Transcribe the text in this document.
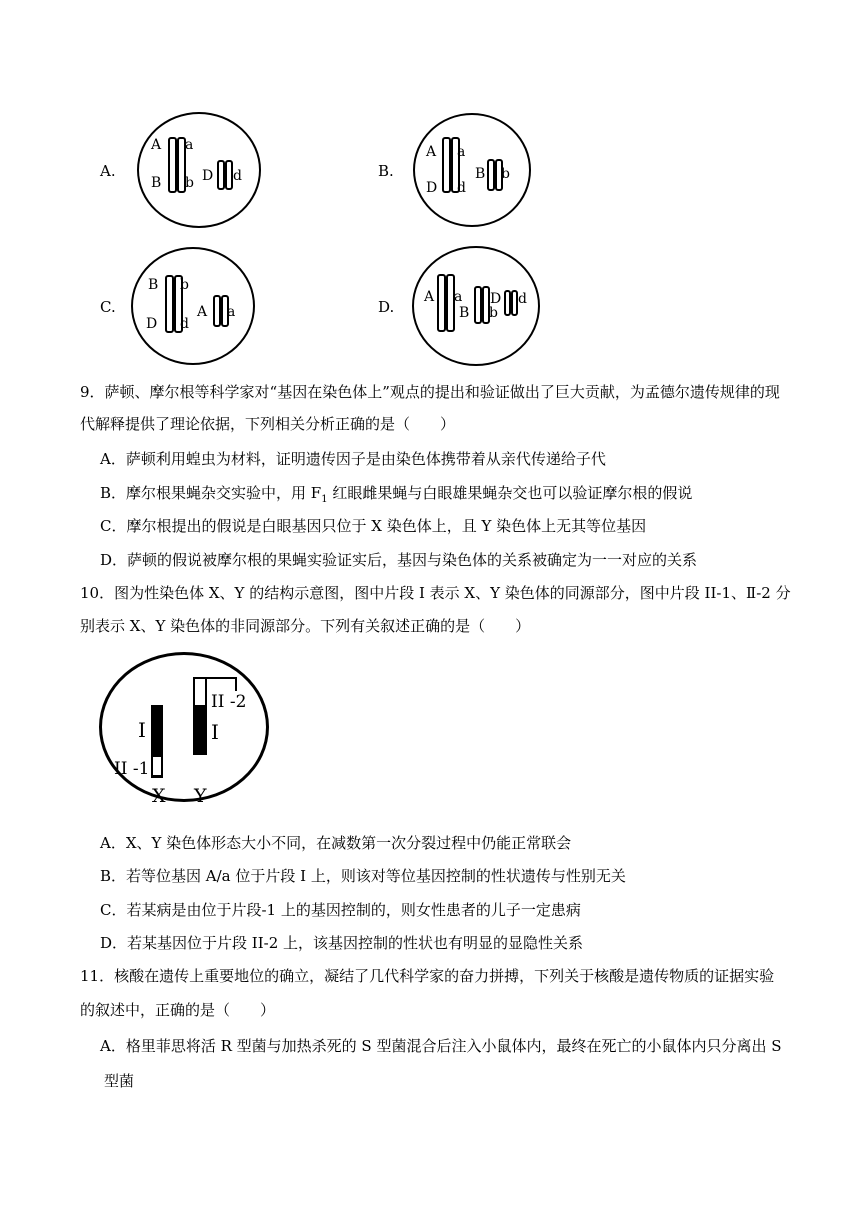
A.
A a
B b D d	B.
A a
D d
B b
C.
B b
D d
A a	D.
A a
B b
D d
9．萨顿、摩尔根等科学家对“基因在染色体上”观点的提出和验证做出了巨大贡献，为孟德尔遗传规律的现
代解释提供了理论依据，下列相关分析正确的是（　　）
A．萨顿利用蝗虫为材料，证明遗传因子是由染色体携带着从亲代传递给子代
B．摩尔根果蝇杂交实验中，用 $F_1$ 红眼雌果蝇与白眼雄果蝇杂交也可以验证摩尔根的假说
C．摩尔根提出的假说是白眼基因只位于 X 染色体上，且 Y 染色体上无其等位基因
D．萨顿的假说被摩尔根的果蝇实验证实后，基因与染色体的关系被确定为一一对应的关系
10．图为性染色体 X、Y 的结构示意图，图中片段 I 表示 X、Y 染色体的同源部分，图中片段 II-1、Ⅱ-2 分
别表示 X、Y 染色体的非同源部分。下列有关叙述正确的是（　　）
I
II -1
X
II -2
I
Y
A．X、Y 染色体形态大小不同，在减数第一次分裂过程中仍能正常联会
B．若等位基因 A/a 位于片段 I 上，则该对等位基因控制的性状遗传与性别无关
C．若某病是由位于片段-1 上的基因控制的，则女性患者的儿子一定患病
D．若某基因位于片段 II-2 上，该基因控制的性状也有明显的显隐性关系
11．核酸在遗传上重要地位的确立，凝结了几代科学家的奋力拼搏，下列关于核酸是遗传物质的证据实验
的叙述中，正确的是（　　）
A．格里菲思将活 R 型菌与加热杀死的 S 型菌混合后注入小鼠体内，最终在死亡的小鼠体内只分离出 S
型菌
